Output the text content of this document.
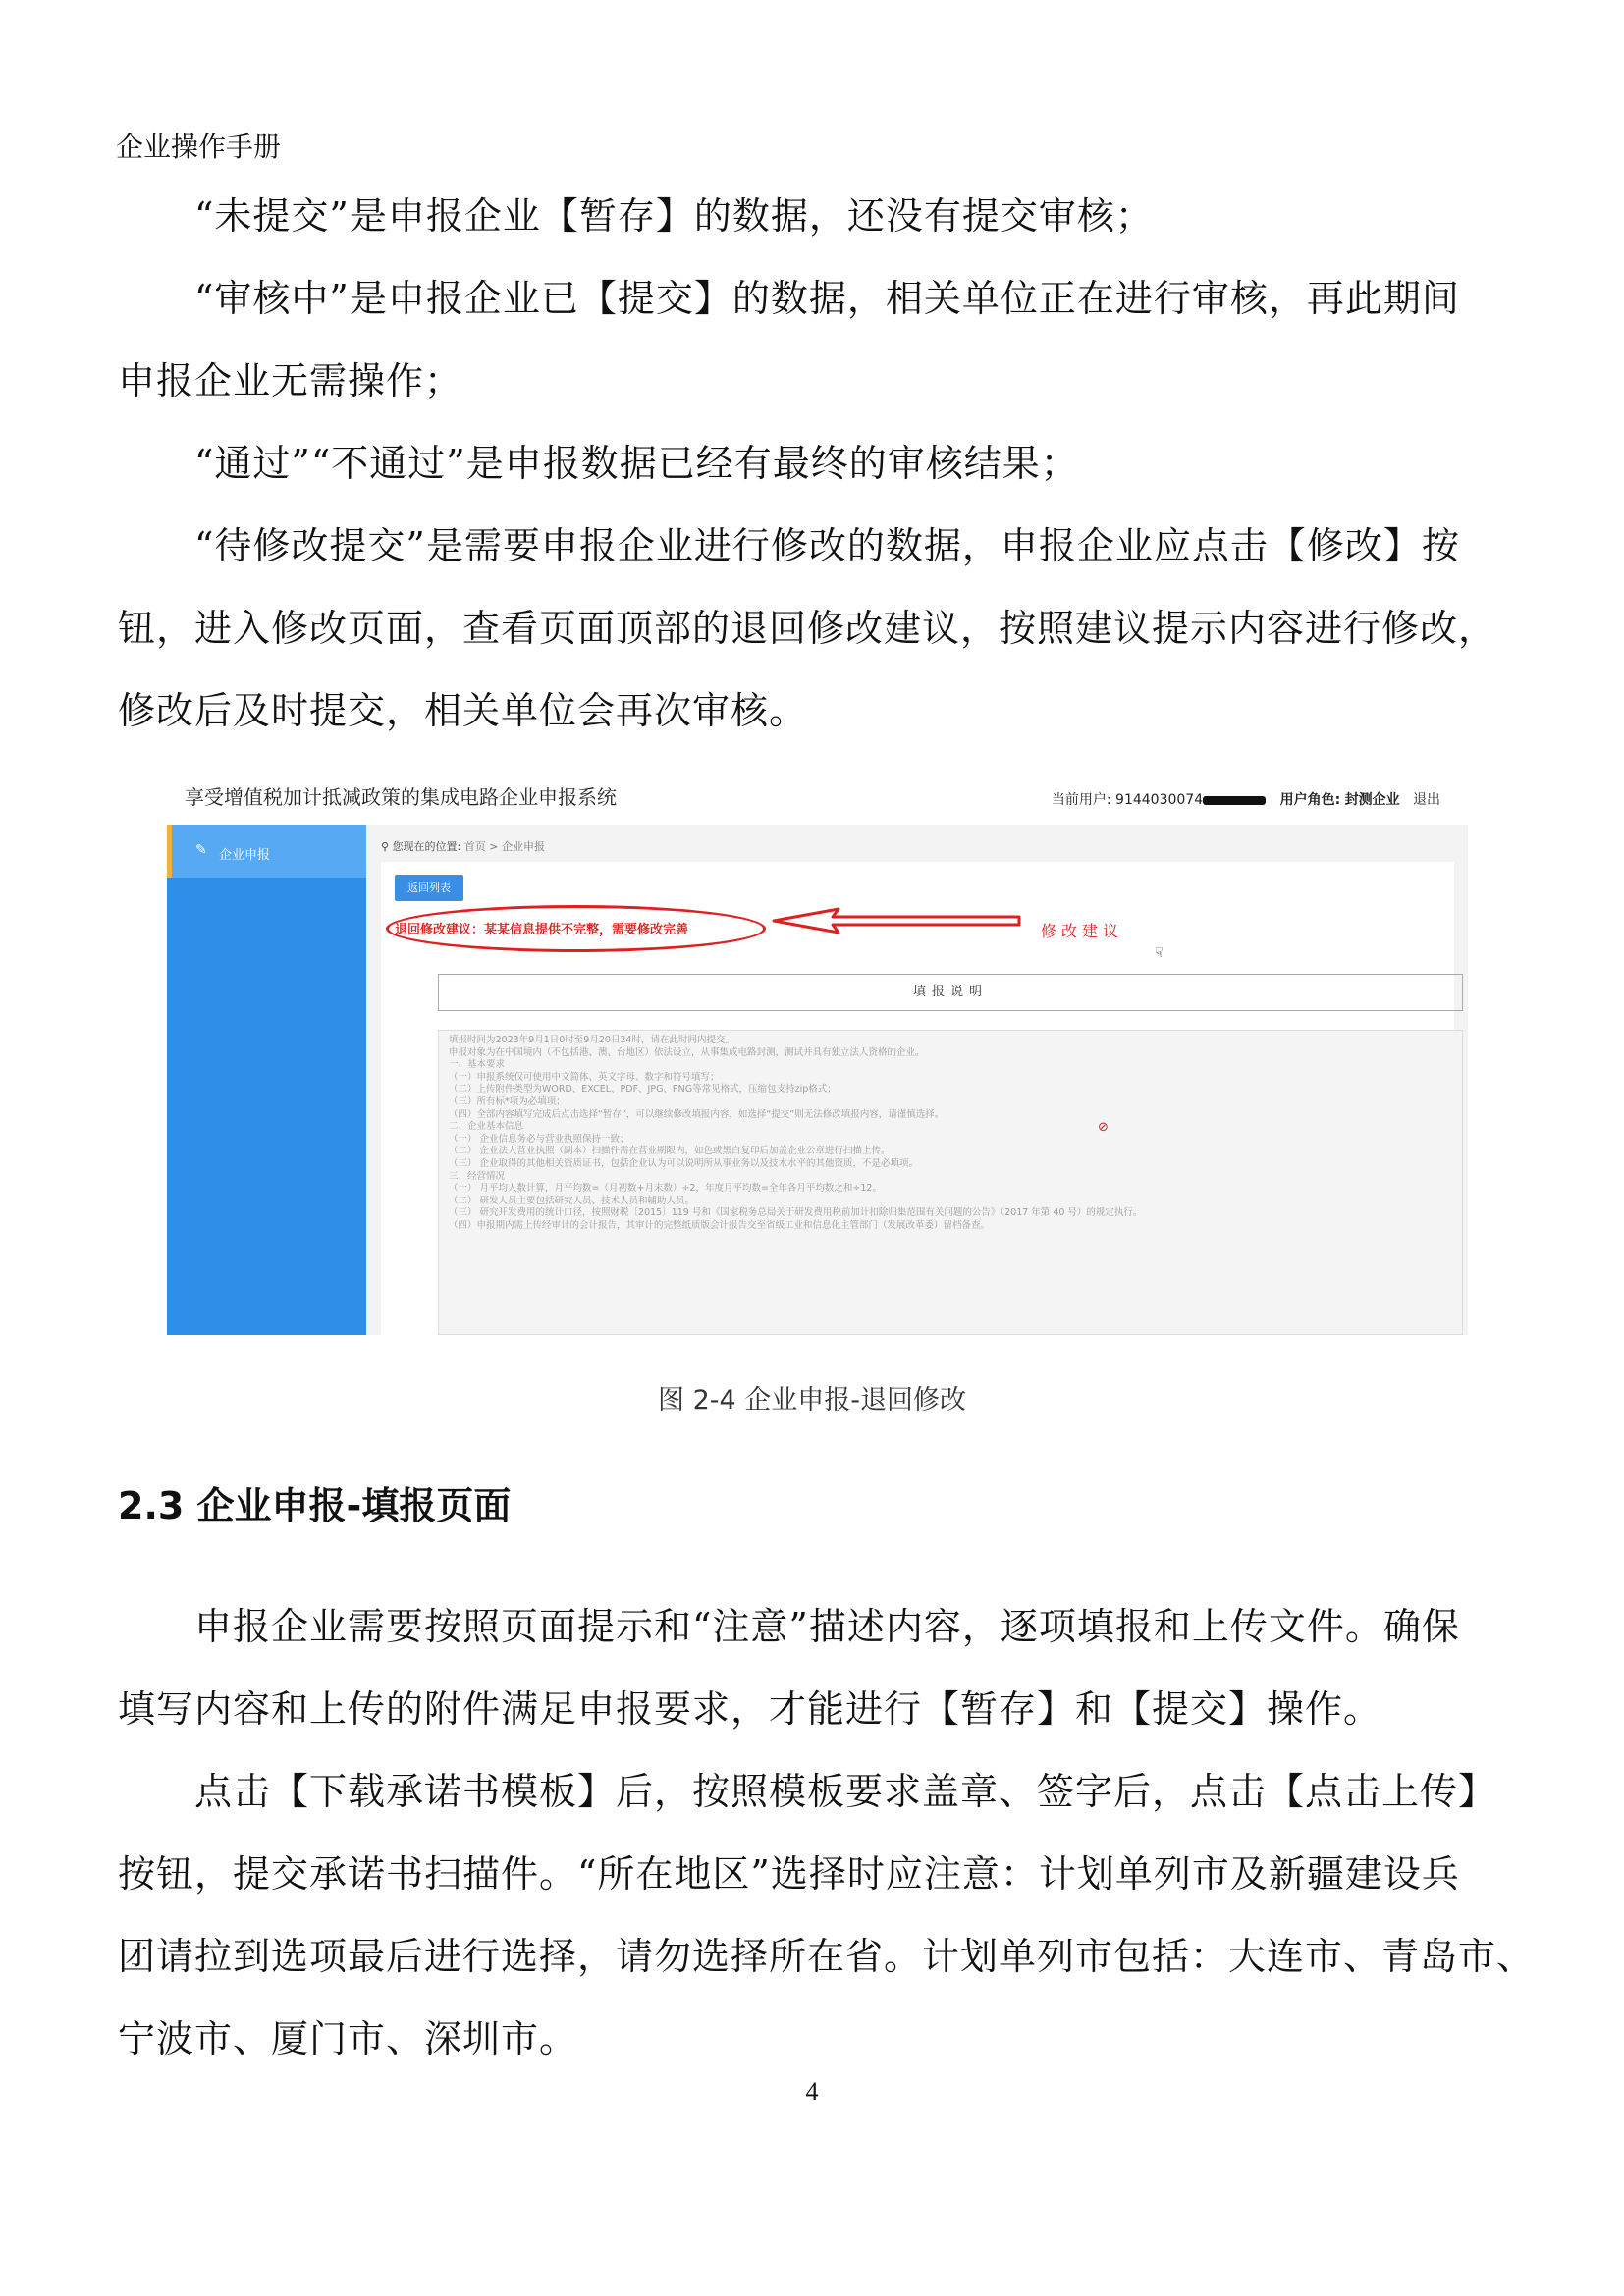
企业操作手册
“未提交”是申报企业【暂存】的数据，还没有提交审核；
“审核中”是申报企业已【提交】的数据，相关单位正在进行审核，再此期间
申报企业无需操作；
“通过”“不通过”是申报数据已经有最终的审核结果；
“待修改提交”是需要申报企业进行修改的数据，申报企业应点击【修改】按
钮，进入修改页面，查看页面顶部的退回修改建议，按照建议提示内容进行修改，
修改后及时提交，相关单位会再次审核。
享受增值税加计抵减政策的集成电路企业申报系统	当前用户: 9144030074	用户角色: 封测企业 退出
✎ 企业申报
⚲ 您现在的位置: 首页 > 企业申报
返回列表
退回修改建议：某某信息提供不完整，需要修改完善	修改建议
☟
填报说明
填报时间为2023年9月1日0时至9月20日24时，请在此时间内提交。
申报对象为在中国境内（不包括港、澳、台地区）依法设立，从事集成电路封测，测试并具有独立法人资格的企业。
一、基本要求
（一）申报系统仅可使用中文简体、英文字母、数字和符号填写；
（二）上传附件类型为WORD、EXCEL、PDF、JPG、PNG等常见格式，压缩包支持zip格式；
（三）所有标*项为必填项；
（四）全部内容填写完成后点击选择“暂存”，可以继续修改填报内容，如选择“提交”则无法修改填报内容，请谨慎选择。
二、企业基本信息
（一） 企业信息务必与营业执照保持一致；
（二） 企业法人营业执照（副本）扫描件需在营业期限内，如色或黑白复印后加盖企业公章进行扫描上传。
（三） 企业取得的其他相关资质证书，包括企业认为可以说明所从事业务以及技术水平的其他资质，不是必填项。
三、经营情况
（一） 月平均人数计算，月平均数=（月初数+月末数）÷2，年度月平均数=全年各月平均数之和÷12。
（二） 研发人员主要包括研究人员、技术人员和辅助人员。
（三） 研究开发费用的统计口径，按照财税〔2015〕119 号和《国家税务总局关于研发费用税前加计扣除归集范围有关问题的公告》（2017 年第 40 号）的规定执行。
（四）申报期内需上传经审计的会计报告，其审计的完整纸质版会计报告交至省级工业和信息化主管部门（发展改革委）留档备查。
⊘
图 2-4 企业申报-退回修改
2.3 企业申报-填报页面
申报企业需要按照页面提示和“注意”描述内容，逐项填报和上传文件。确保
填写内容和上传的附件满足申报要求，才能进行【暂存】和【提交】操作。
点击【下载承诺书模板】后，按照模板要求盖章、签字后，点击【点击上传】
按钮，提交承诺书扫描件。“所在地区”选择时应注意：计划单列市及新疆建设兵
团请拉到选项最后进行选择，请勿选择所在省。计划单列市包括：大连市、青岛市、
宁波市、厦门市、深圳市。
4
